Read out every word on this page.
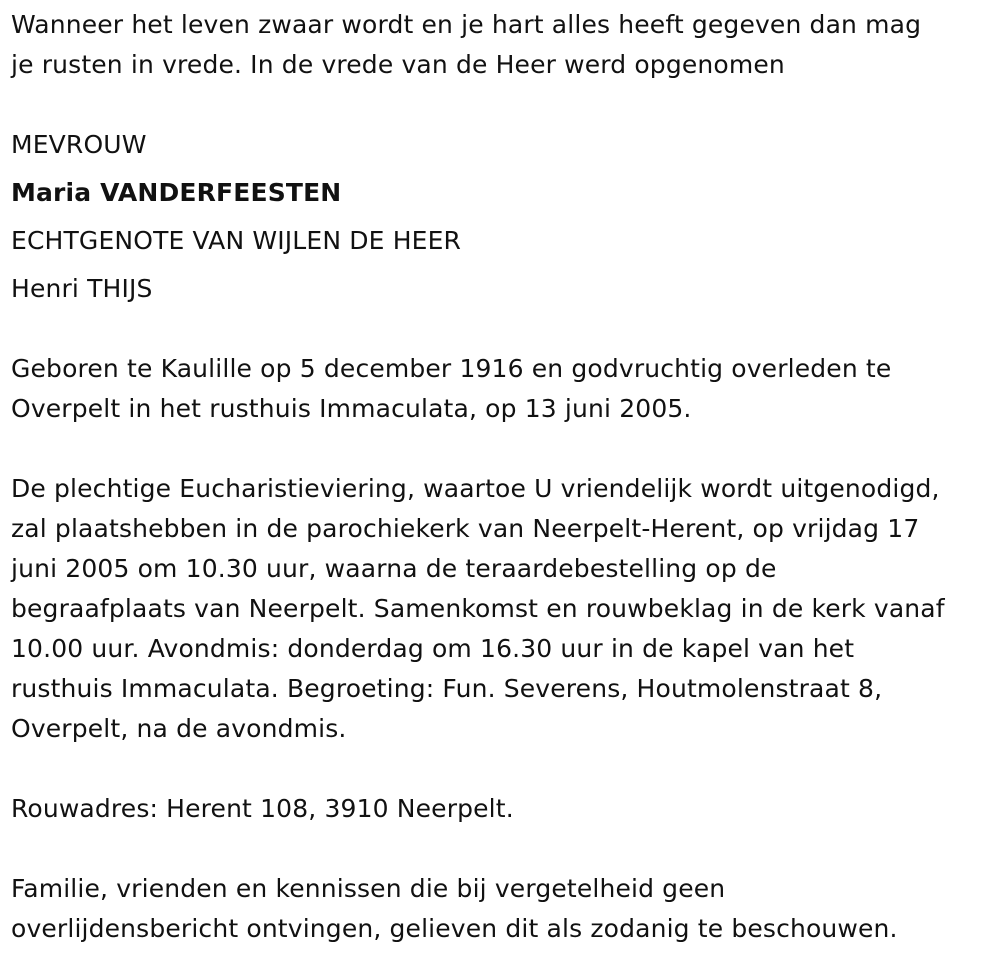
Wanneer het leven zwaar wordt en je hart alles heeft gegeven dan mag
je rusten in vrede. In de vrede van de Heer werd opgenomen

MEVROUW
Maria VANDERFEESTEN
ECHTGENOTE VAN WIJLEN DE HEER
Henri THIJS

Geboren te Kaulille op 5 december 1916 en godvruchtig overleden te
Overpelt in het rusthuis Immaculata, op 13 juni 2005.

De plechtige Eucharistieviering, waartoe U vriendelijk wordt uitgenodigd,
zal plaatshebben in de parochiekerk van Neerpelt-Herent, op vrijdag 17
juni 2005 om 10.30 uur, waarna de teraardebestelling op de
begraafplaats van Neerpelt. Samenkomst en rouwbeklag in de kerk vanaf
10.00 uur. Avondmis: donderdag om 16.30 uur in de kapel van het
rusthuis Immaculata. Begroeting: Fun. Severens, Houtmolenstraat 8,
Overpelt, na de avondmis.

Rouwadres: Herent 108, 3910 Neerpelt.

Familie, vrienden en kennissen die bij vergetelheid geen
overlijdensbericht ontvingen, gelieven dit als zodanig te beschouwen.
